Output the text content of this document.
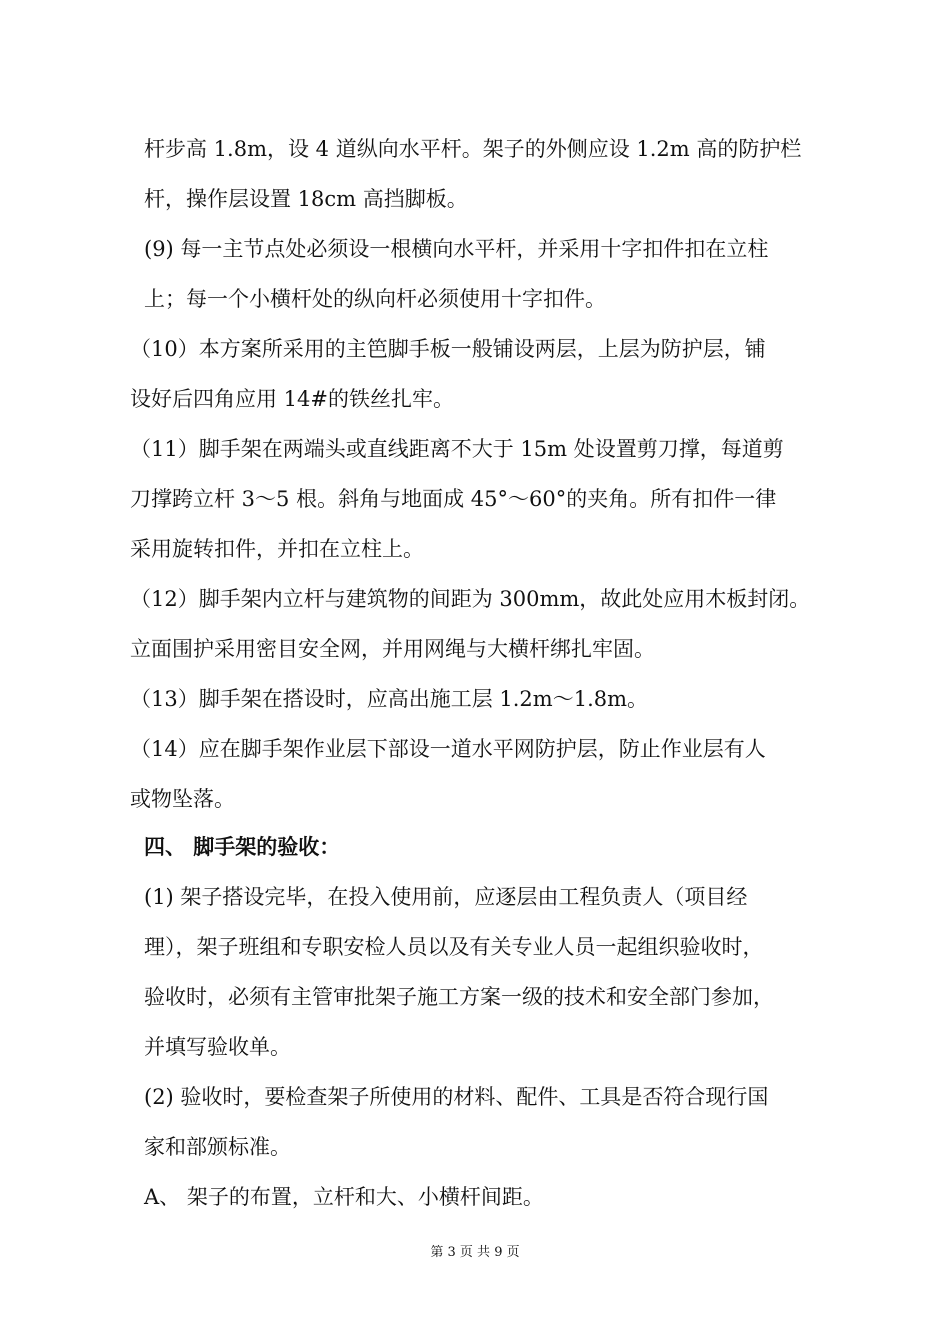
杆步高 1.8m，设 4 道纵向水平杆。架子的外侧应设 1.2m 高的防护栏

杆，操作层设置 18cm 高挡脚板。

(9) 每一主节点处必须设一根横向水平杆，并采用十字扣件扣在立柱

上；每一个小横杆处的纵向杆必须使用十字扣件。

（10）本方案所采用的主笆脚手板一般铺设两层，上层为防护层，铺

设好后四角应用 14#的铁丝扎牢。

（11）脚手架在两端头或直线距离不大于 15m 处设置剪刀撑，每道剪

刀撑跨立杆 3～5 根。斜角与地面成 45°～60°的夹角。所有扣件一律

采用旋转扣件，并扣在立柱上。

（12）脚手架内立杆与建筑物的间距为 300mm，故此处应用木板封闭。

立面围护采用密目安全网，并用网绳与大横杆绑扎牢固。

（13）脚手架在搭设时，应高出施工层 1.2m～1.8m。

（14）应在脚手架作业层下部设一道水平网防护层，防止作业层有人

或物坠落。

四、 脚手架的验收：

(1) 架子搭设完毕，在投入使用前，应逐层由工程负责人（项目经

理），架子班组和专职安检人员以及有关专业人员一起组织验收时，

验收时，必须有主管审批架子施工方案一级的技术和安全部门参加，

并填写验收单。

(2) 验收时，要检查架子所使用的材料、配件、工具是否符合现行国

家和部颁标准。

A、 架子的布置，立杆和大、小横杆间距。

第 3 页 共 9 页
